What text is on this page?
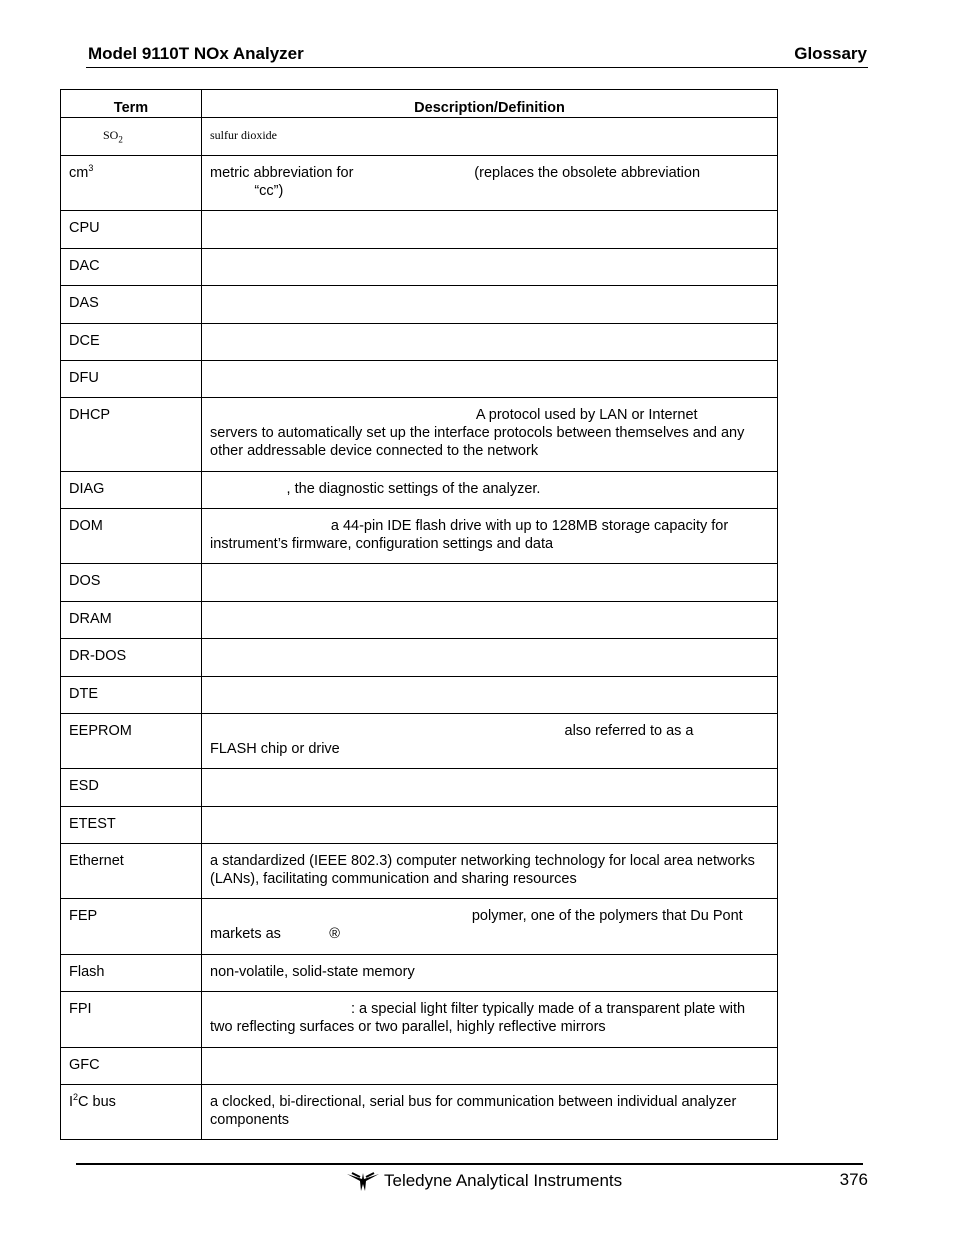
Model 9110T NOx Analyzer	Glossary
Term	Description/Definition
$SO_2$	sulfur dioxide
$cm^3$	metric abbreviation for                              (replaces the obsolete abbreviation
“cc”)
CPU	
DAC	
DAS	
DCE	
DFU	
DHCP	A protocol used by LAN or Internet
servers to automatically set up the interface protocols between themselves and any other addressable device connected to the network
DIAG	, the diagnostic settings of the analyzer.
DOM	a 44-pin IDE flash drive with up to 128MB storage capacity for instrument’s firmware, configuration settings and data
DOS	
DRAM	
DR-DOS	
DTE	
EEPROM	also referred to as a
FLASH chip or drive
ESD	
ETEST	
Ethernet	a standardized (IEEE 802.3) computer networking technology for local area networks (LANs), facilitating communication and sharing resources
FEP	polymer, one of the polymers that Du Pont
markets as            ®
Flash	non-volatile, solid-state memory
FPI	: a special light filter typically made of a transparent plate with two reflecting surfaces or two parallel, highly reflective mirrors
GFC	
$I^2C$ bus	a clocked, bi-directional, serial bus for communication between individual analyzer components
Teledyne Analytical Instruments	376
